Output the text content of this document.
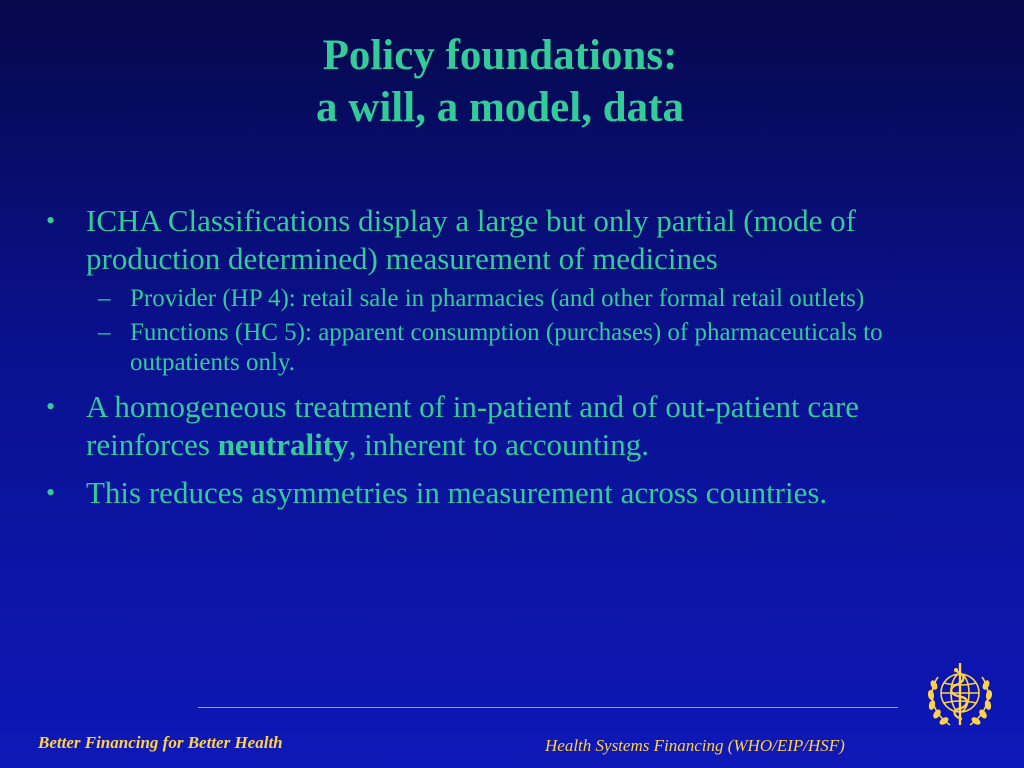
Policy foundations:
a will, a model, data
• ICHA Classifications display a large but only partial (mode of production determined) measurement of medicines
– Provider (HP 4): retail sale in pharmacies (and other formal retail outlets)
– Functions (HC 5): apparent consumption (purchases) of pharmaceuticals to outpatients only.
• A homogeneous treatment of in-patient and of out-patient care reinforces neutrality, inherent to accounting.
• This reduces asymmetries in measurement across countries.
Better Financing for Better Health	Health Systems Financing (WHO/EIP/HSF)
